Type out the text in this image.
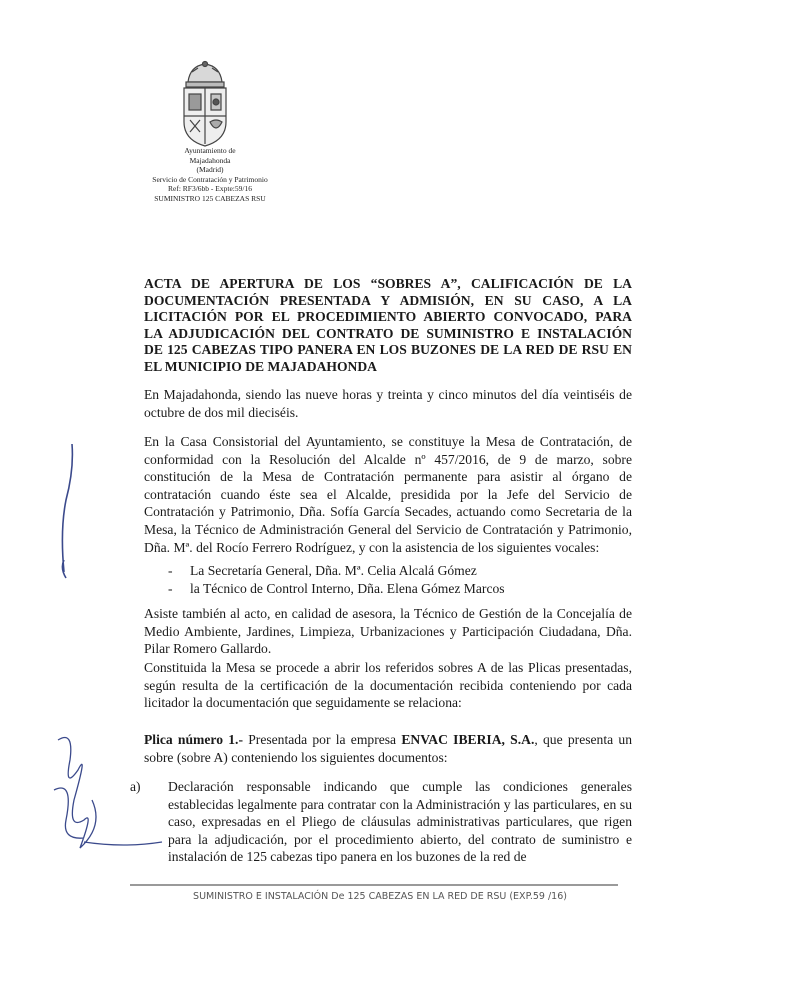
Ayuntamiento de
Majadahonda
(Madrid)
Servicio de Contratación y Patrimonio
Ref: RF3/6bb - Expte:59/16
SUMINISTRO 125 CABEZAS RSU
ACTA DE APERTURA DE LOS “SOBRES A”, CALIFICACIÓN DE LA
DOCUMENTACIÓN PRESENTADA Y ADMISIÓN, EN SU CASO, A LA
LICITACIÓN POR EL PROCEDIMIENTO ABIERTO CONVOCADO, PARA
LA ADJUDICACIÓN DEL CONTRATO DE SUMINISTRO E INSTALACIÓN
DE 125 CABEZAS TIPO PANERA EN LOS BUZONES DE LA RED DE RSU EN
EL MUNICIPIO DE MAJADAHONDA
En Majadahonda, siendo las nueve horas y treinta y cinco minutos del día veintiséis de octubre de dos mil dieciséis.
En la Casa Consistorial del Ayuntamiento, se constituye la Mesa de Contratación, de conformidad con la Resolución del Alcalde nº 457/2016, de 9 de marzo, sobre constitución de la Mesa de Contratación permanente para asistir al órgano de contratación cuando éste sea el Alcalde, presidida por la Jefe del Servicio de Contratación y Patrimonio, Dña. Sofía García Secades, actuando como Secretaria de la Mesa, la Técnico de Administración General del Servicio de Contratación y Patrimonio, Dña. Mª. del Rocío Ferrero Rodríguez, y con la asistencia de los siguientes vocales:
-	La Secretaría General, Dña. Mª. Celia Alcalá Gómez
-	la Técnico de Control Interno, Dña. Elena Gómez Marcos
Asiste también al acto, en calidad de asesora, la Técnico de Gestión de la Concejalía de Medio Ambiente, Jardines, Limpieza, Urbanizaciones y Participación Ciudadana, Dña. Pilar Romero Gallardo.
Constituida la Mesa se procede a abrir los referidos sobres A de las Plicas presentadas, según resulta de la certificación de la documentación recibida conteniendo por cada licitador la documentación que seguidamente se relaciona:
Plica número 1.- Presentada por la empresa ENVAC IBERIA, S.A., que presenta un sobre (sobre A) conteniendo los siguientes documentos:
a)	Declaración responsable indicando que cumple las condiciones generales establecidas legalmente para contratar con la Administración y las particulares, en su caso, expresadas en el Pliego de cláusulas administrativas particulares, que rigen para la adjudicación, por el procedimiento abierto, del contrato de suministro e instalación de 125 cabezas tipo panera en los buzones de la red de
SUMINISTRO E INSTALACIÓN De 125 CABEZAS EN LA RED DE RSU (EXP.59 /16)
